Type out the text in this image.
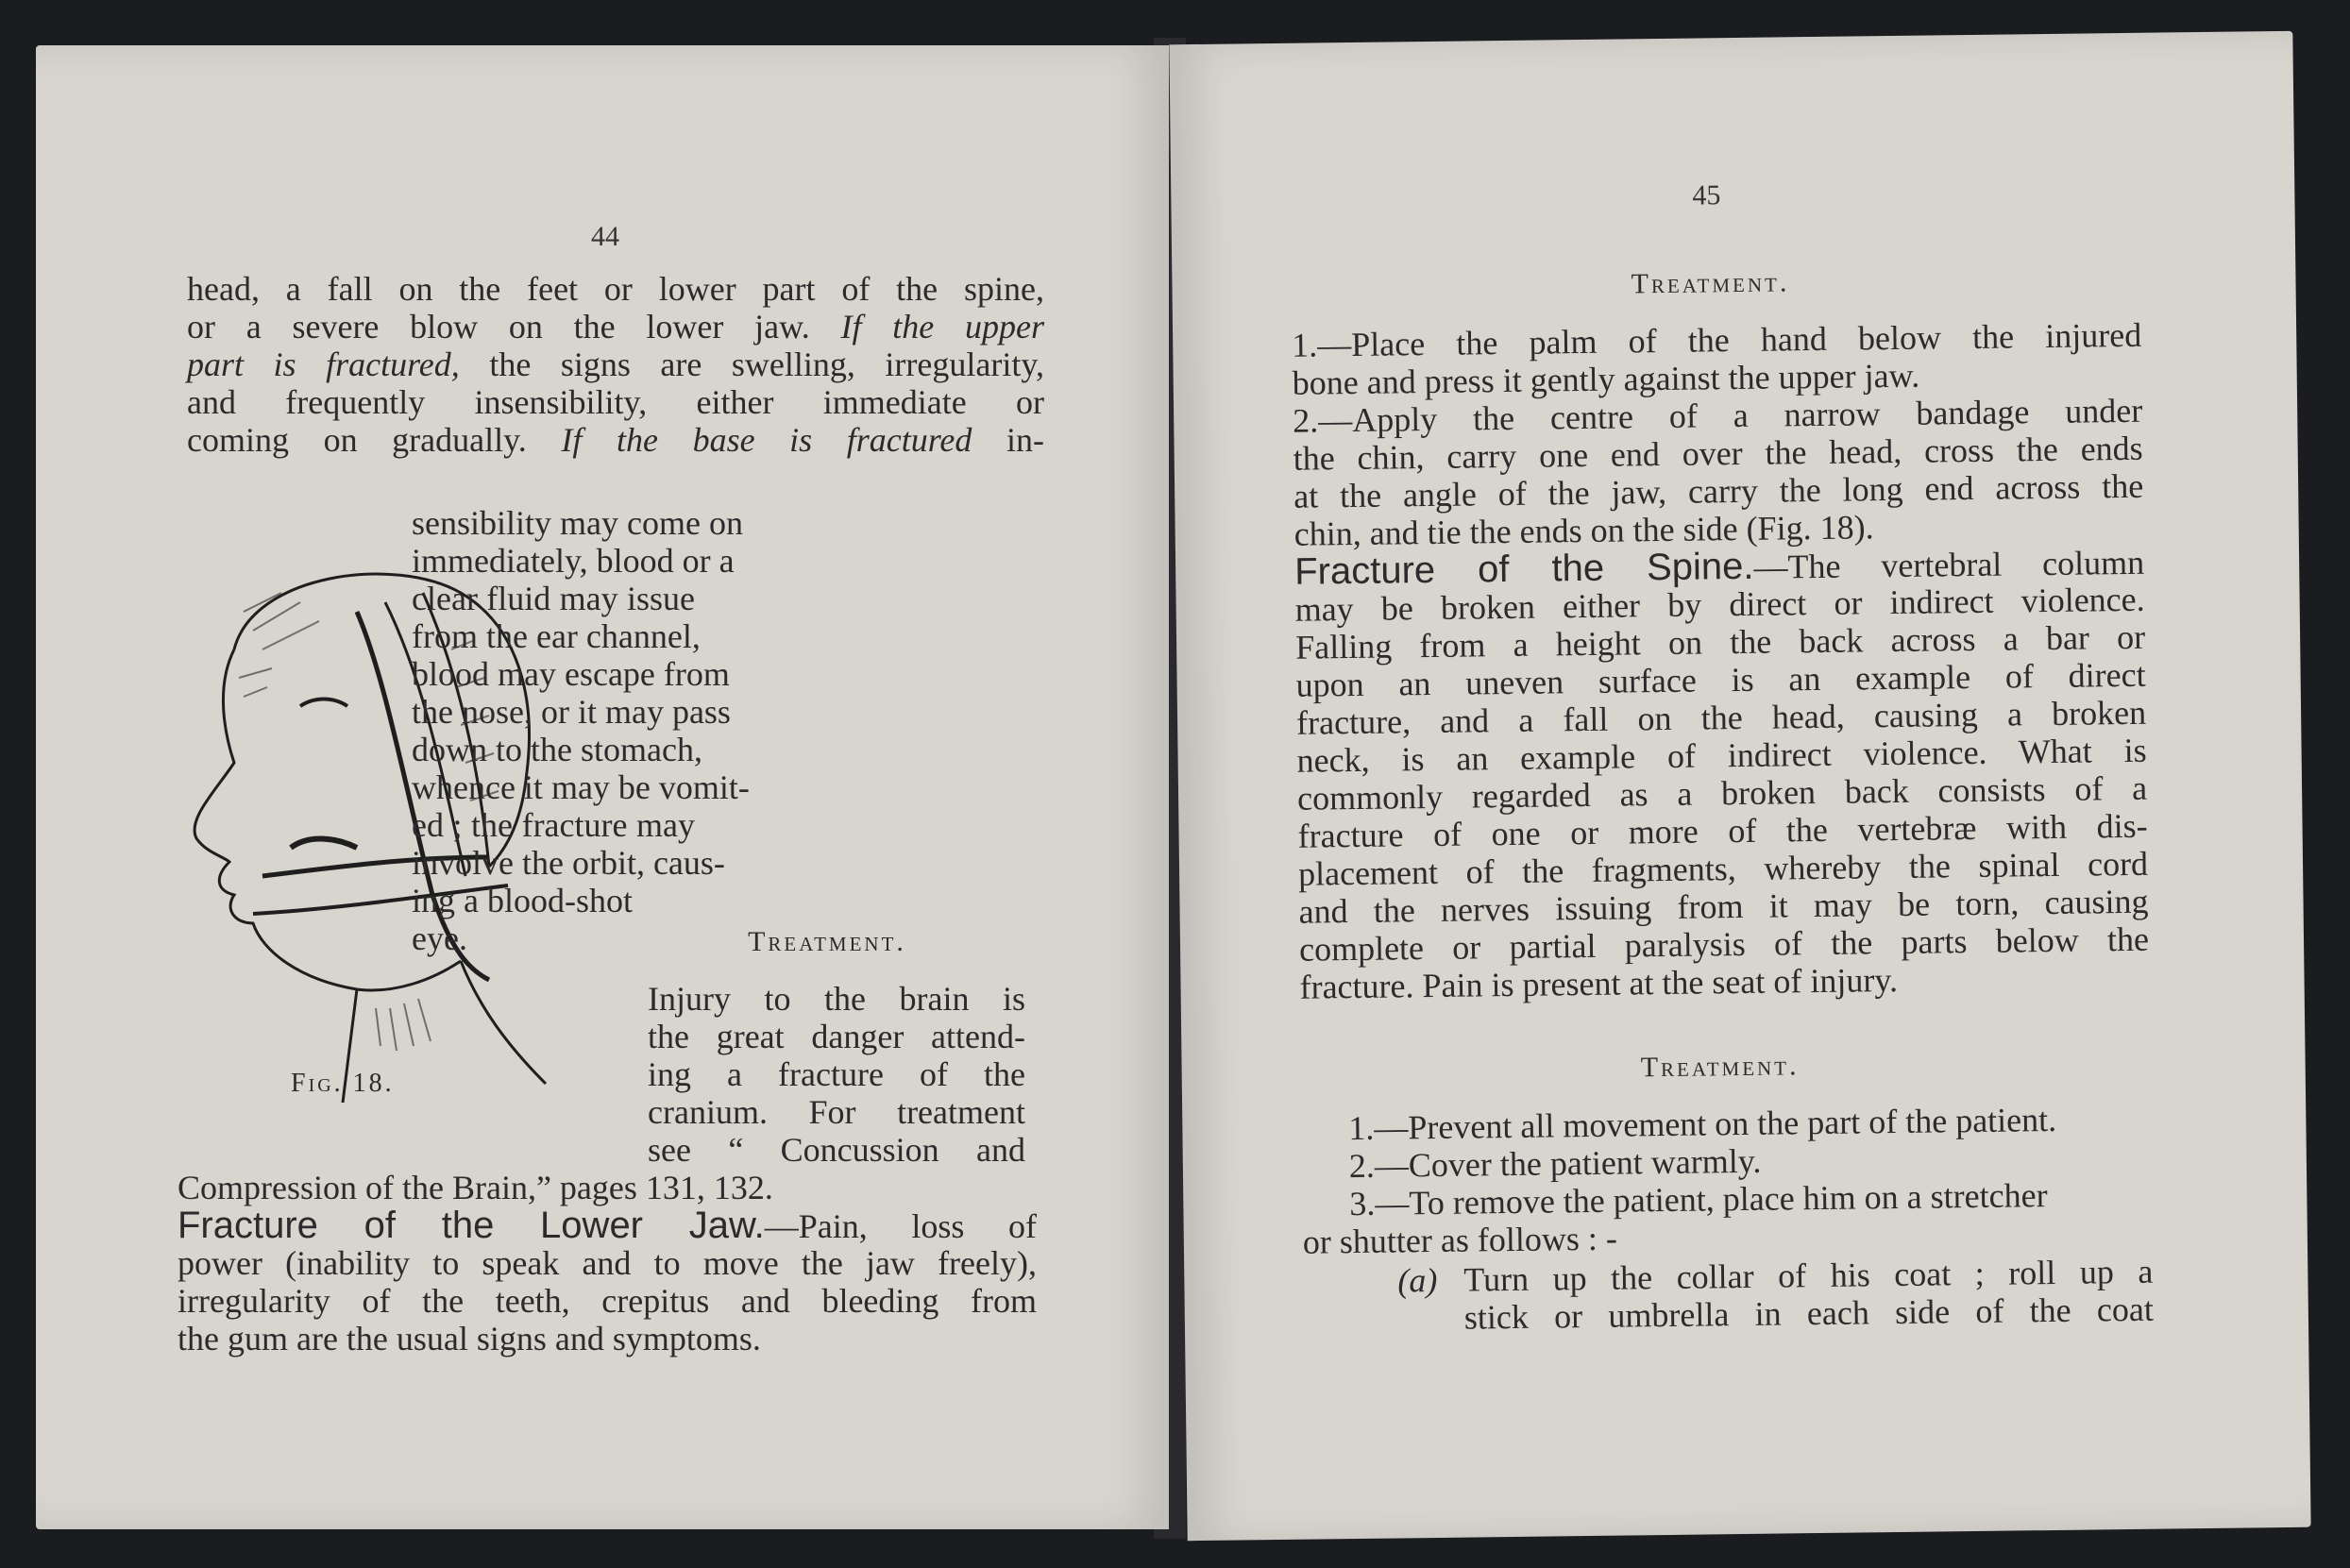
44
head, a fall on the feet or lower part of the spine,
or a severe blow on the lower jaw. If the upper
part is fractured, the signs are swelling, irregularity,
and frequently insensibility, either immediate or
coming on gradually. If the base is fractured in-
sensibility may come on
immediately, blood or a
clear fluid may issue
from the ear channel,
blood may escape from
the nose, or it may pass
down to the stomach,
whence it may be vomit-
ed ; the fracture may
involve the orbit, caus-
ing a blood-shot eye.	Treatment.
Injury to the brain is
the great danger attend-
ing a fracture of the
cranium. For treatment
see “ Concussion and
Fig. 18.
Compression of the Brain,” pages 131, 132.
Fracture of the Lower Jaw.—Pain, loss of
power (inability to speak and to move the jaw freely),
irregularity of the teeth, crepitus and bleeding from
the gum are the usual signs and symptoms.
45
Treatment.
1.—Place the palm of the hand below the injured
bone and press it gently against the upper jaw.
2.—Apply the centre of a narrow bandage under
the chin, carry one end over the head, cross the ends
at the angle of the jaw, carry the long end across the
chin, and tie the ends on the side (Fig. 18).
Fracture of the Spine.—The vertebral column
may be broken either by direct or indirect violence.
Falling from a height on the back across a bar or
upon an uneven surface is an example of direct
fracture, and a fall on the head, causing a broken
neck, is an example of indirect violence. What is
commonly regarded as a broken back consists of a
fracture of one or more of the vertebræ with dis-
placement of the fragments, whereby the spinal cord
and the nerves issuing from it may be torn, causing
complete or partial paralysis of the parts below the
fracture. Pain is present at the seat of injury.
Treatment.
1.—Prevent all movement on the part of the patient.
2.—Cover the patient warmly.
3.—To remove the patient, place him on a stretcher
or shutter as follows : -
(a) Turn up the collar of his coat ; roll up a
stick or umbrella in each side of the coat
